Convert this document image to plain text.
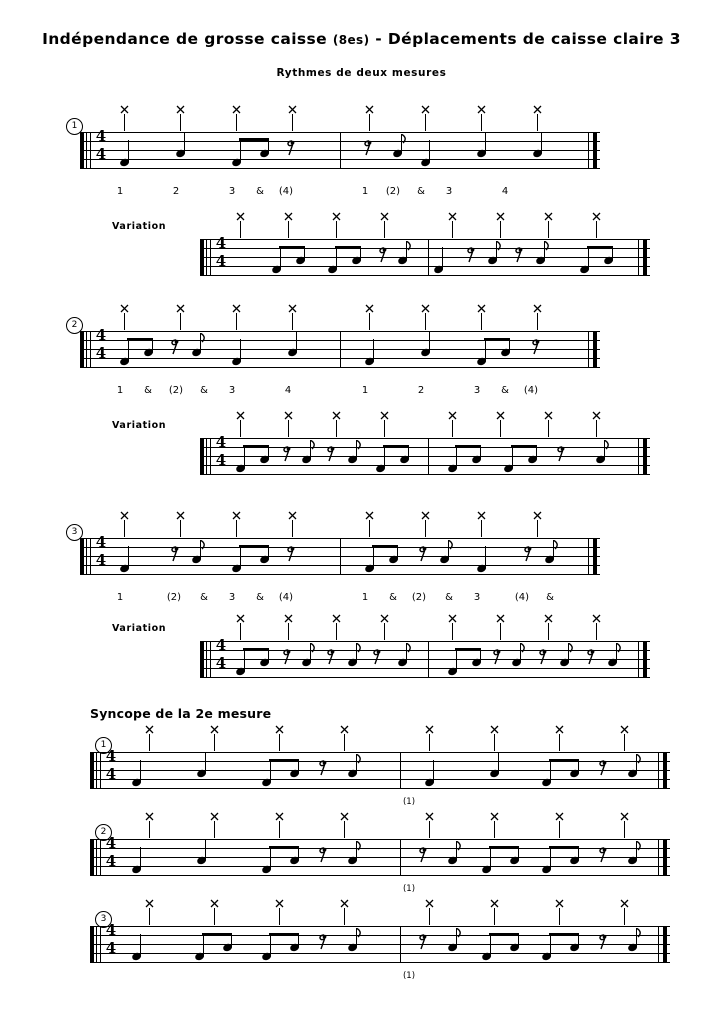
Indépendance de grosse caisse (8es) - Déplacements de caisse claire 3
Rythmes de deux mesures
Syncope de la 2e mesure
1
4
4
1	2	3	&	(4)	1	(2)	&	3	4
Variation
4
4
2
4
4
1	&	(2)	&	3	4	1	2	3	&	(4)
Variation
4
4
3
4
4
1	(2)	&	3	&	(4)	1	&	(2)	&	3	(4)	&
Variation
4
4
1
4
4
(1)
2
4
4
(1)
3
4
4
(1)
